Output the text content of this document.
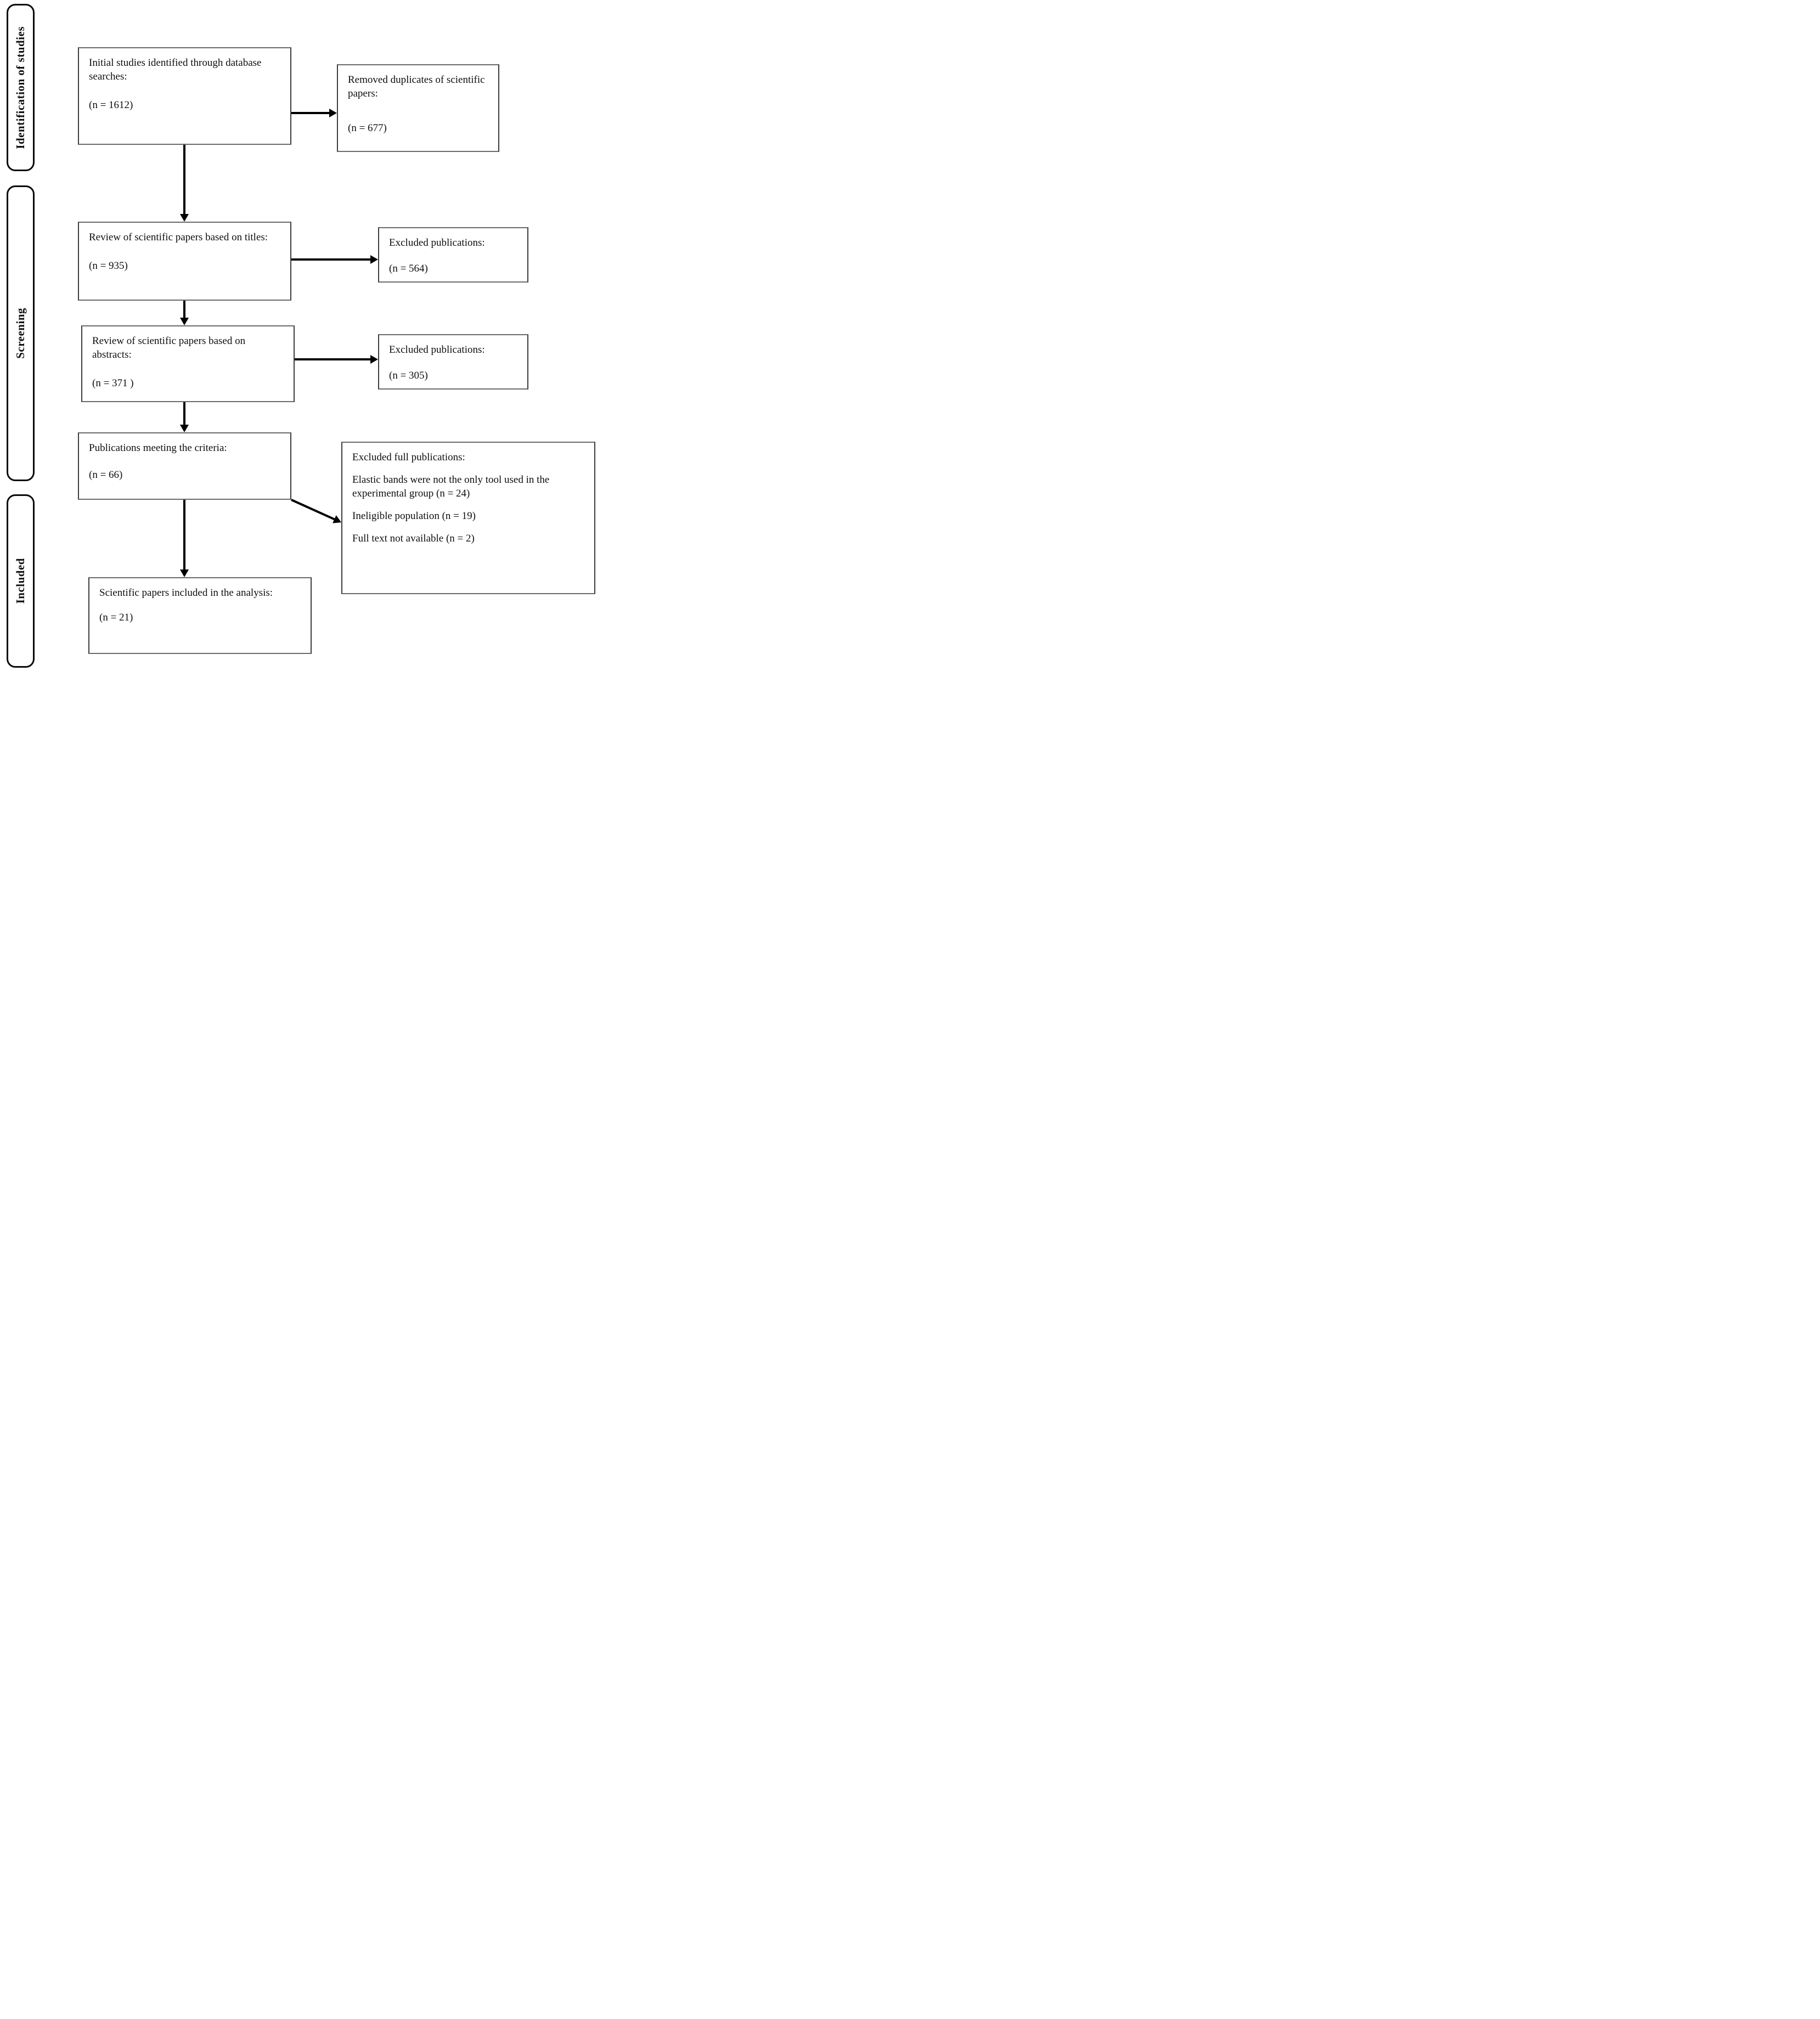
Identification of studies
Screening
Included
Initial studies identified through database searches:
(n = 1612)
Removed duplicates of scientific papers:
(n = 677)
Review of scientific papers based on titles:
(n = 935)
Excluded publications:
(n = 564)
Review of scientific papers based on abstracts:
(n = 371 )
Excluded publications:
(n = 305)
Publications meeting the criteria:
(n = 66)
Excluded full publications:
Elastic bands were not the only tool used in the experimental group (n = 24)
Ineligible population (n = 19)
Full text not available (n = 2)
Scientific papers included in the analysis:
(n = 21)
